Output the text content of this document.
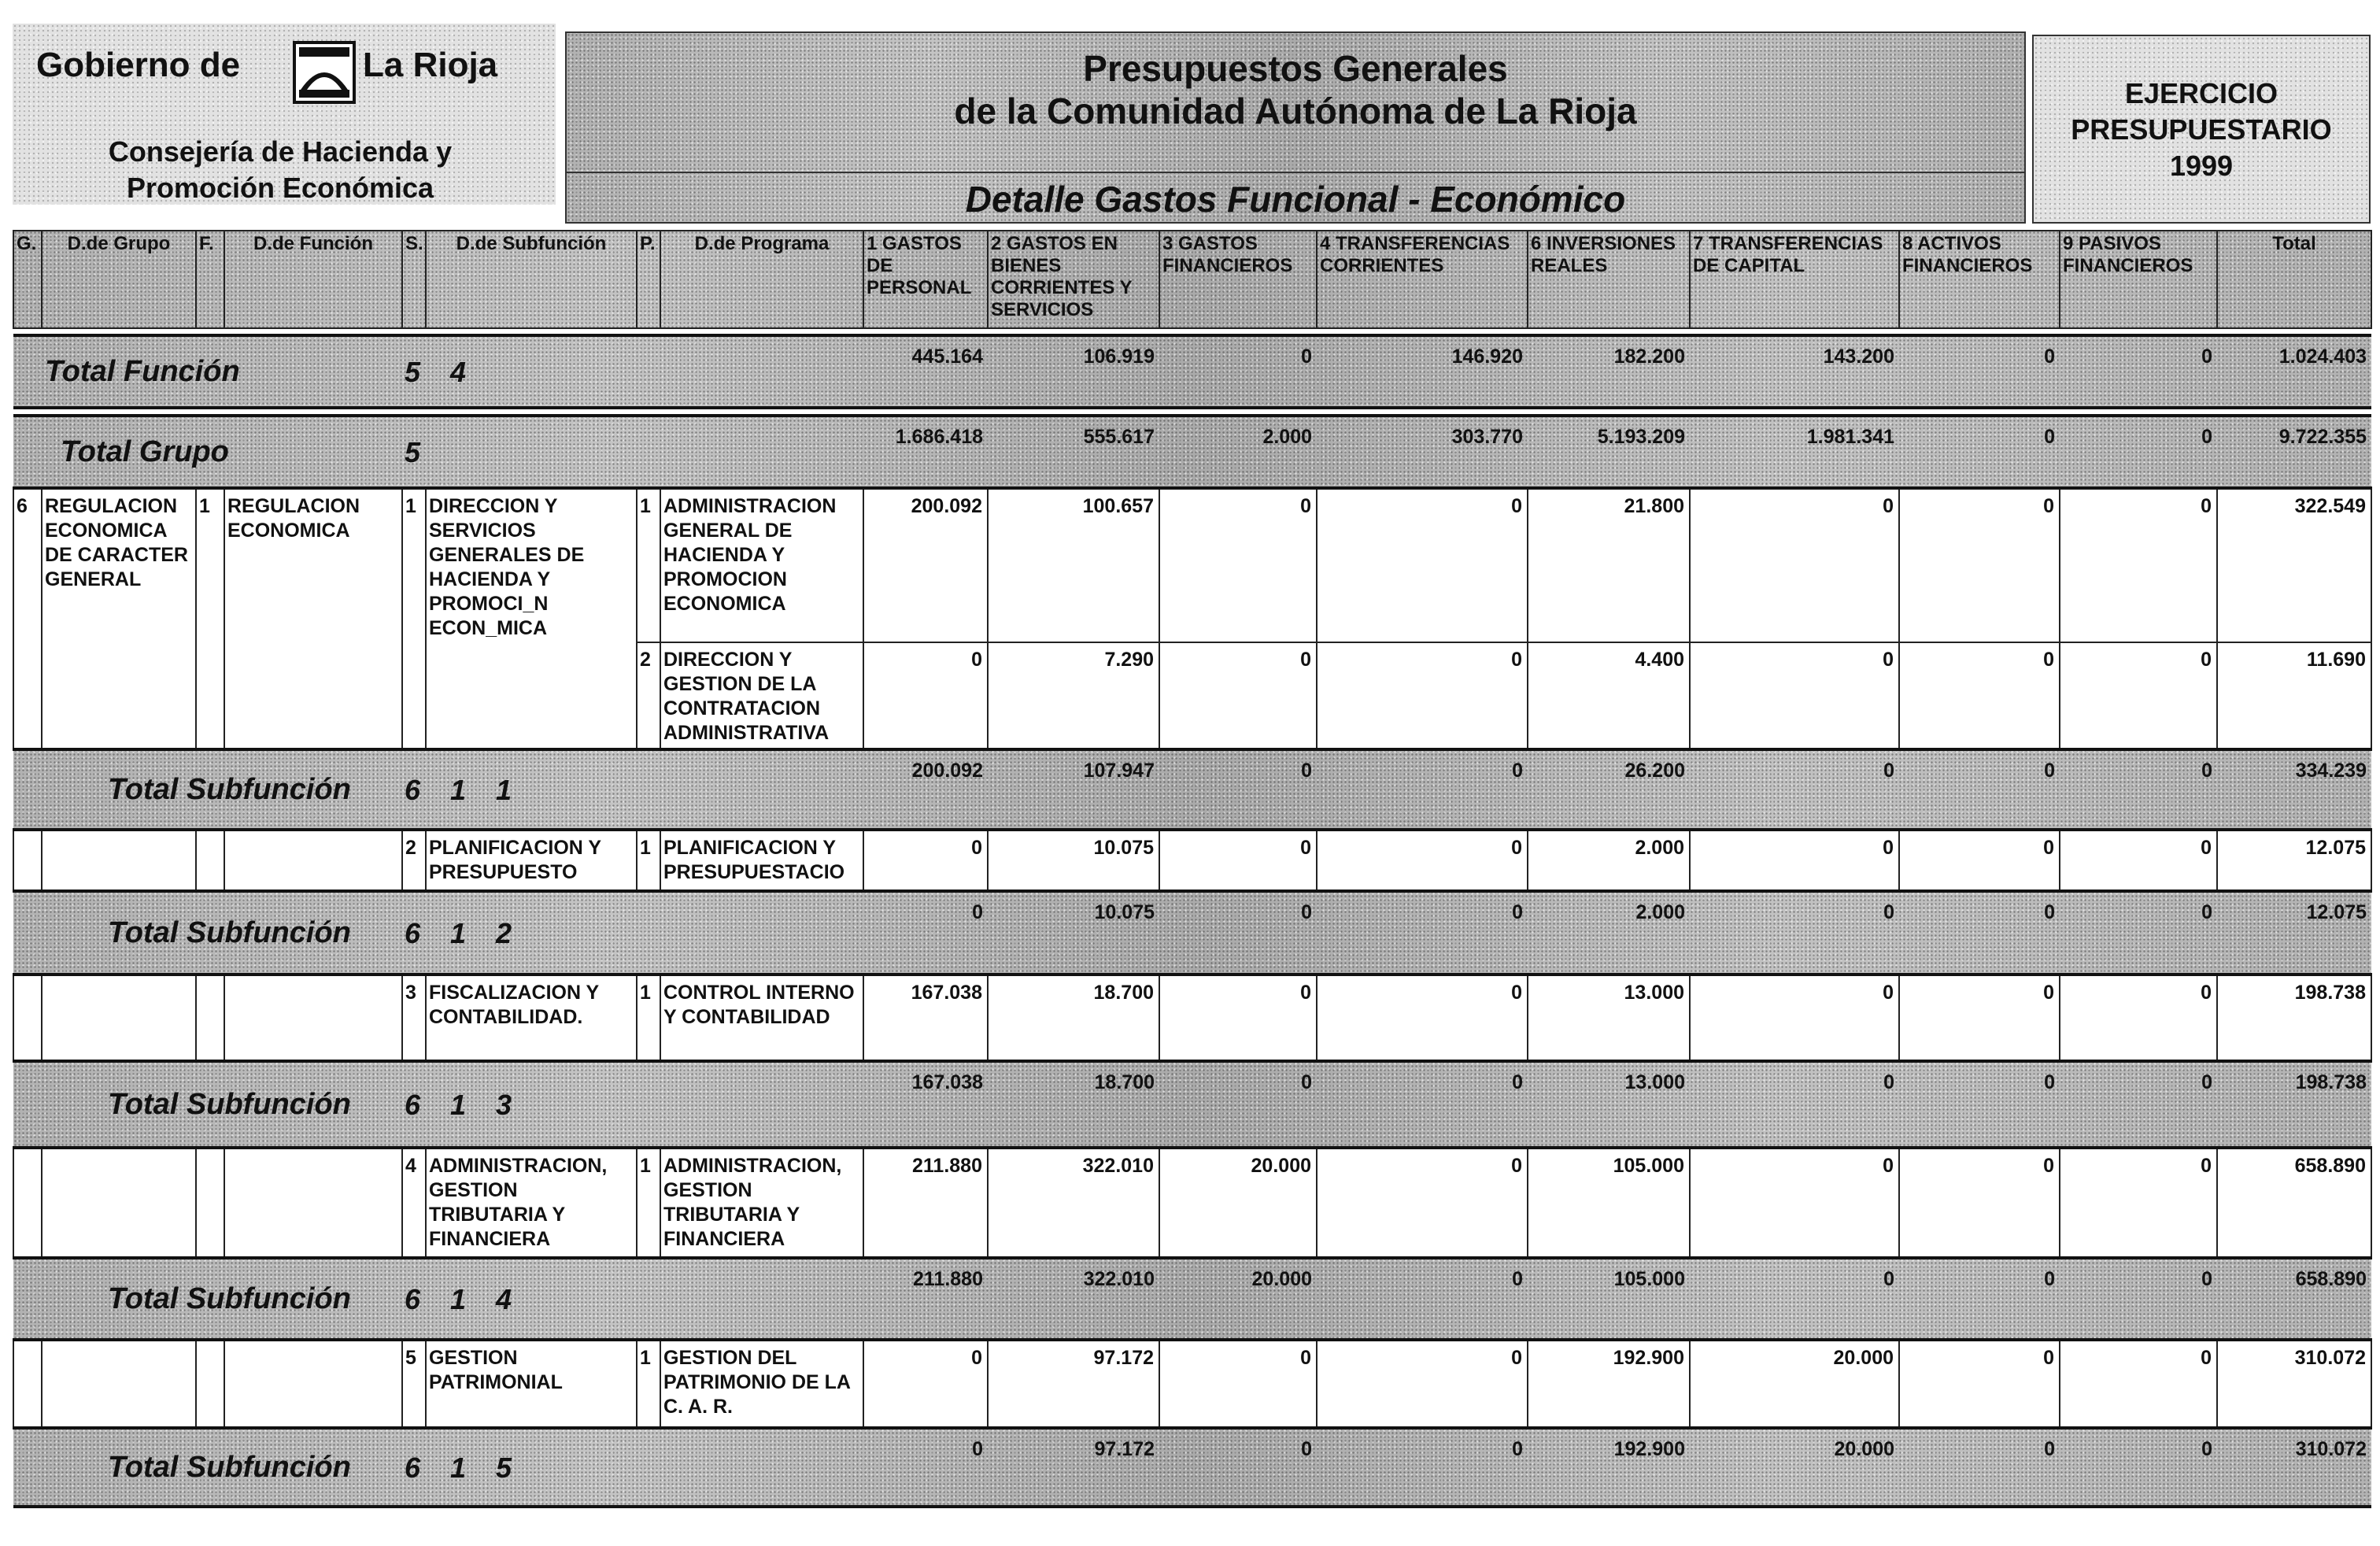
Gobierno de	La Rioja
Consejería de Hacienda y
Promoción Económica
Presupuestos Generales
de la Comunidad Autónoma de La Rioja
Detalle Gastos Funcional - Económico
EJERCICIO
PRESUPUESTARIO
1999
G.	D.de Grupo	F.	D.de Función	S.	D.de Subfunción	P.	D.de Programa	1 GASTOS DE PERSONAL	2 GASTOS EN BIENES CORRIENTES Y SERVICIOS	3 GASTOS FINANCIEROS	4 TRANSFERENCIAS CORRIENTES	6 INVERSIONES REALES	7 TRANSFERENCIAS DE CAPITAL	8 ACTIVOS FINANCIEROS	9 PASIVOS FINANCIEROS	Total

Total Función				5 4				445.164	106.919	0	146.920	182.200	143.200	0	0	1.024.403

Total Grupo				5				1.686.418	555.617	2.000	303.770	5.193.209	1.981.341	0	0	9.722.355
6	REGULACION ECONOMICA DE CARACTER GENERAL	1	REGULACION ECONOMICA	1	DIRECCION Y SERVICIOS GENERALES DE HACIENDA Y PROMOCI_N ECON_MICA	1	ADMINISTRACION GENERAL DE HACIENDA Y PROMOCION ECONOMICA	200.092	100.657	0	0	21.800	0	0	0	322.549
						2	DIRECCION Y GESTION DE LA CONTRATACION ADMINISTRATIVA	0	7.290	0	0	4.400	0	0	0	11.690
Total Subfunción				6 1 1				200.092	107.947	0	0	26.200	0	0	0	334.239
				2	PLANIFICACION Y PRESUPUESTO	1	PLANIFICACION Y PRESUPUESTACIO	0	10.075	0	0	2.000	0	0	0	12.075
Total Subfunción				6 1 2				0	10.075	0	0	2.000	0	0	0	12.075
				3	FISCALIZACION Y CONTABILIDAD.	1	CONTROL INTERNO Y CONTABILIDAD	167.038	18.700	0	0	13.000	0	0	0	198.738
Total Subfunción				6 1 3				167.038	18.700	0	0	13.000	0	0	0	198.738
				4	ADMINISTRACION, GESTION TRIBUTARIA Y FINANCIERA	1	ADMINISTRACION, GESTION TRIBUTARIA Y FINANCIERA	211.880	322.010	20.000	0	105.000	0	0	0	658.890
Total Subfunción				6 1 4				211.880	322.010	20.000	0	105.000	0	0	0	658.890
				5	GESTION PATRIMONIAL	1	GESTION DEL PATRIMONIO DE LA C. A. R.	0	97.172	0	0	192.900	20.000	0	0	310.072
Total Subfunción				6 1 5				0	97.172	0	0	192.900	20.000	0	0	310.072
